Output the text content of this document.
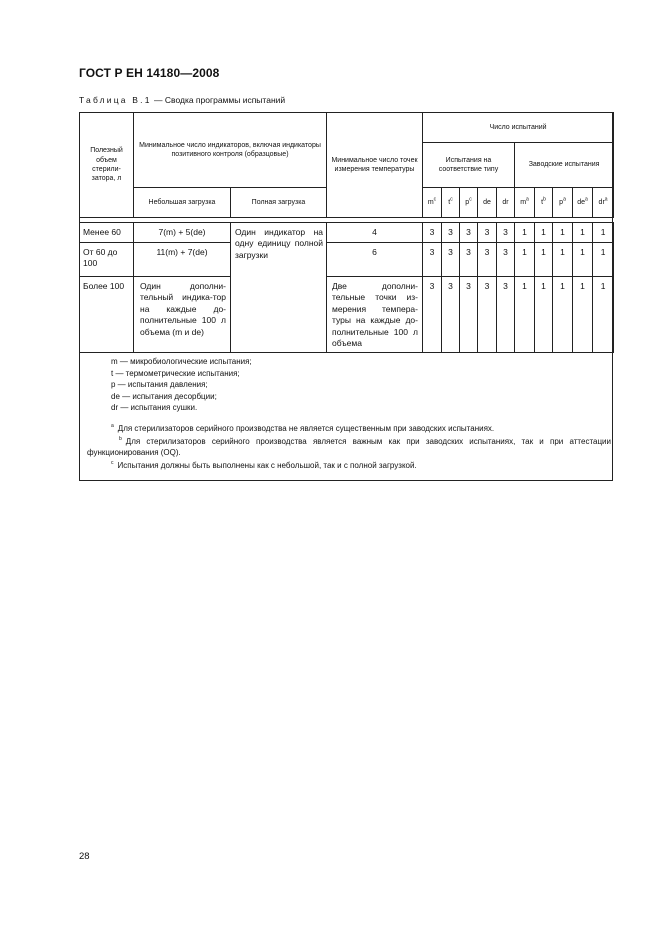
ГОСТ Р ЕН 14180—2008
Таблица В.1 — Сводка программы испытаний
Полезный объем стерили-затора, л	Минимальное число индикаторов, включая индикаторы позитивного контроля (образцовые)		Минимальное число точек измерения температуры	Число испытаний									
				Испытания на соответствие типу					Заводские испытания				
	Небольшая загрузка	Полная загрузка		$m^c$	$t^c$	$p^c$	de	dr	$m^a$	$t^b$	$p^a$	$de^a$	$dr^a$

Менее 60	7(m) + 5(de)	Один индикатор на одну единицу полной загрузки	4	3	3	3	3	3	1	1	1	1	1
От 60 до 100	11(m) + 7(de)		6	3	3	3	3	3	1	1	1	1	1
Более 100	Один дополни-тельный индика-тор на каждые до-полнительные 100 л объема (m и de)		Две дополни-тельные точки из-мерения темпера-туры на каждые до-полнительные 100 л объема	3	3	3	3	3	1	1	1	1	1
m — микробиологические испытания;
t — термометрические испытания;
p — испытания давления;
de — испытания десорбции;
dr — испытания сушки.
$^a$ Для стерилизаторов серийного производства не является существенным при заводских испытаниях.
$^b$ Для стерилизаторов серийного производства является важным как при заводских испытаниях, так и при аттестации функционирования (OQ).
$^c$ Испытания должны быть выполнены как с небольшой, так и с полной загрузкой.
28
